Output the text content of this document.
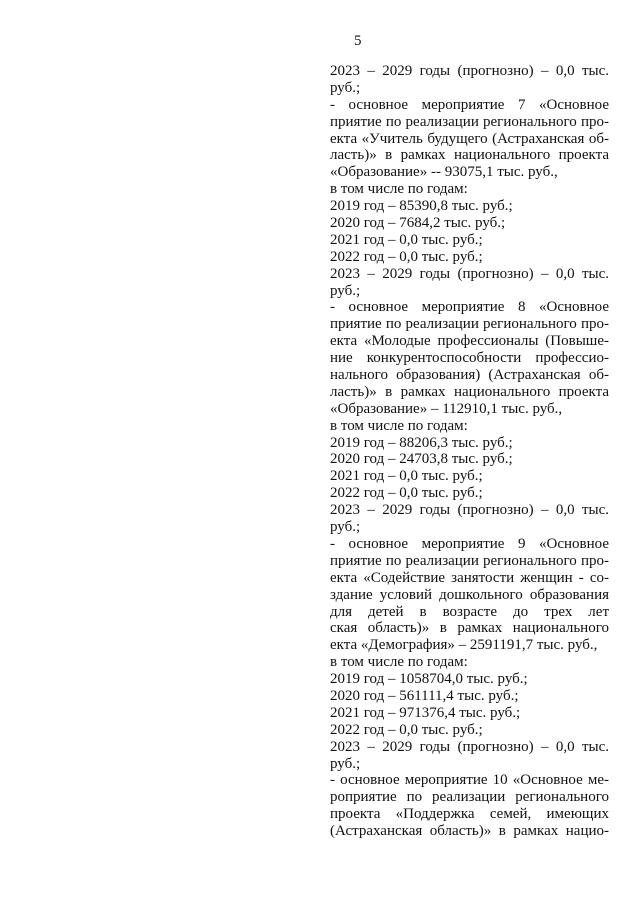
5
2023 – 2029 годы (прогнозно) – 0,0 тыс.
руб.;
- основное мероприятие 7 «Основное
приятие по реализации регионального про-
екта «Учитель будущего (Астраханская об-
ласть)» в рамках национального проекта
«Образование» -- 93075,1 тыс. руб.,
в том числе по годам:
2019 год – 85390,8 тыс. руб.;
2020 год – 7684,2 тыс. руб.;
2021 год – 0,0 тыс. руб.;
2022 год – 0,0 тыс. руб.;
2023 – 2029 годы (прогнозно) – 0,0 тыс.
руб.;
- основное мероприятие 8 «Основное
приятие по реализации регионального про-
екта «Молодые профессионалы (Повыше-
ние конкурентоспособности профессио-
нального образования) (Астраханская об-
ласть)» в рамках национального проекта
«Образование» – 112910,1 тыс. руб.,
в том числе по годам:
2019 год – 88206,3 тыс. руб.;
2020 год – 24703,8 тыс. руб.;
2021 год – 0,0 тыс. руб.;
2022 год – 0,0 тыс. руб.;
2023 – 2029 годы (прогнозно) – 0,0 тыс.
руб.;
- основное мероприятие 9 «Основное
приятие по реализации регионального про-
екта «Содействие занятости женщин - со-
здание условий дошкольного образования
для детей в возрасте до трех лет
ская область)» в рамках национального
екта «Демография» – 2591191,7 тыс. руб.,
в том числе по годам:
2019 год – 1058704,0 тыс. руб.;
2020 год – 561111,4 тыс. руб.;
2021 год – 971376,4 тыс. руб.;
2022 год – 0,0 тыс. руб.;
2023 – 2029 годы (прогнозно) – 0,0 тыс.
руб.;
- основное мероприятие 10 «Основное ме-
роприятие по реализации регионального
проекта «Поддержка семей, имеющих
(Астраханская область)» в рамках нацио-
